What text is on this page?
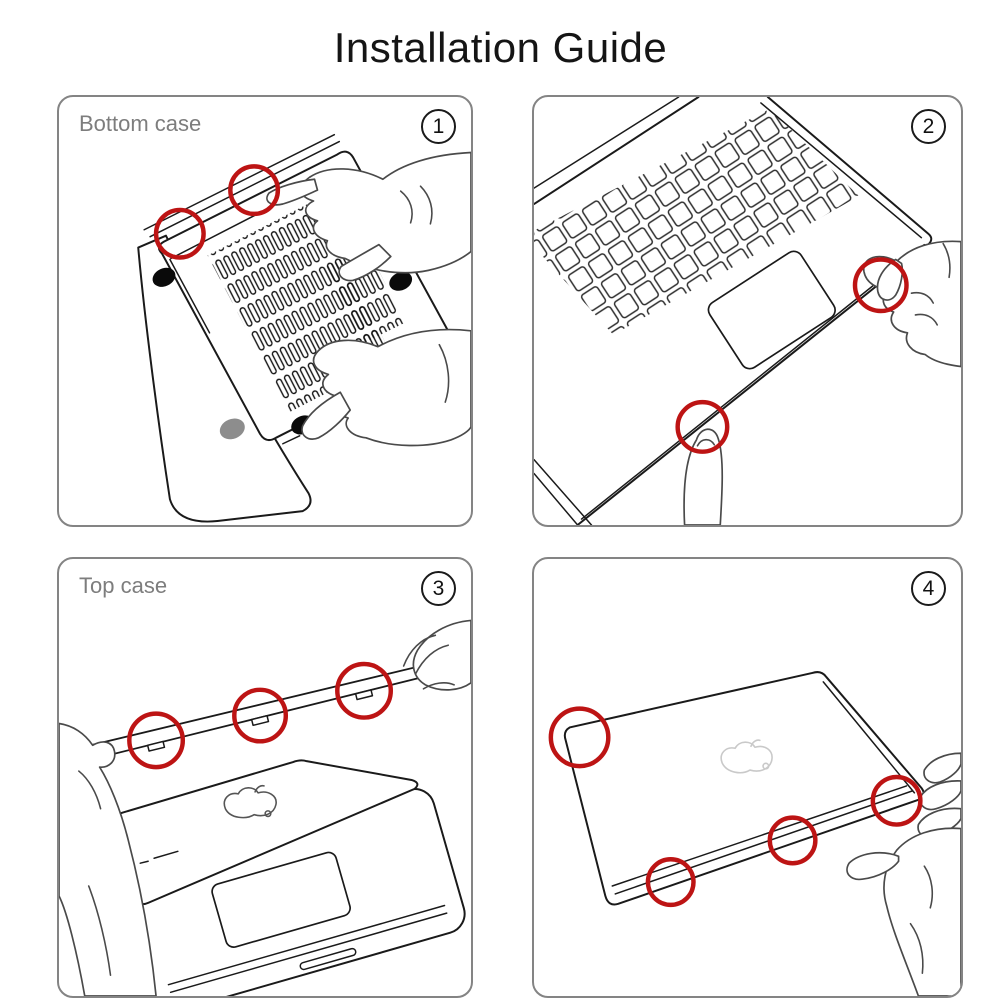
Installation Guide
Bottom case	1	2
Top case	3	4
